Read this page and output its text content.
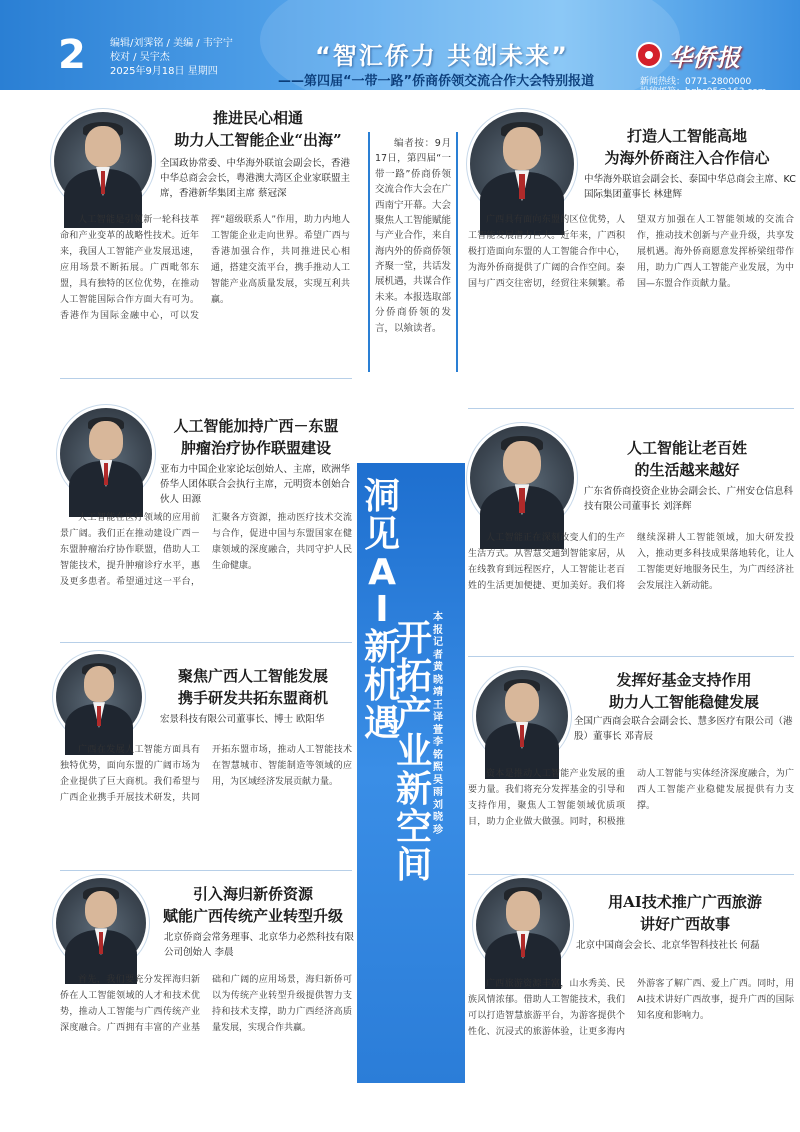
2 编辑/刘霁铭 / 美编 / 韦宇宁
校对 / 吴宇杰
2025年9月18日 星期四
“智汇侨力 共创未来”
——第四届“一带一路”侨商侨领交流合作大会特别报道
华侨报
新闻热线：0771-2800000
投稿邮箱：hqbs95@163.com

编者按：9月17日，第四届“一带一路”侨商侨领交流合作大会在广西南宁开幕。大会聚焦人工智能赋能与产业合作，来自海内外的侨商侨领齐聚一堂，共话发展机遇，共谋合作未来。本报选取部分侨商侨领的发言，以飨读者。

推进民心相通
助力人工智能企业“出海”
全国政协常委、中华海外联谊会副会长，香港中华总商会会长，粤港澳大湾区企业家联盟主席，香港新华集团主席 蔡冠深
人工智能是引领新一轮科技革命和产业变革的战略性技术。近年来，我国人工智能产业发展迅速，应用场景不断拓展。广西毗邻东盟，具有独特的区位优势，在推动人工智能国际合作方面大有可为。香港作为国际金融中心，可以发挥“超级联系人”作用，助力内地人工智能企业走向世界。希望广西与香港加强合作，共同推进民心相通，搭建交流平台，携手推动人工智能产业高质量发展，实现互利共赢。
打造人工智能高地
为海外侨商注入合作信心
中华海外联谊会副会长、泰国中华总商会主席、KC国际集团董事长 林建辉
广西具有面向东盟的区位优势，人工智能发展潜力巨大。近年来，广西积极打造面向东盟的人工智能合作中心，为海外侨商提供了广阔的合作空间。泰国与广西交往密切，经贸往来频繁。希望双方加强在人工智能领域的交流合作，推动技术创新与产业升级，共享发展机遇。海外侨商愿意发挥桥梁纽带作用，助力广西人工智能产业发展，为中国—东盟合作贡献力量。
人工智能加持广西－东盟
肿瘤治疗协作联盟建设
亚布力中国企业家论坛创始人、主席，欧洲华侨华人团体联合会执行主席，元明资本创始合伙人 田源
人工智能在医疗领域的应用前景广阔。我们正在推动建设广西－东盟肿瘤治疗协作联盟，借助人工智能技术，提升肿瘤诊疗水平，惠及更多患者。希望通过这一平台，汇聚各方资源，推动医疗技术交流与合作，促进中国与东盟国家在健康领域的深度融合，共同守护人民生命健康。
人工智能让老百姓
的生活越来越好
广东省侨商投资企业协会副会长、广州安仓信息科技有限公司董事长 刘泽辉
人工智能正在深刻改变人们的生产生活方式。从智慧交通到智能家居，从在线教育到远程医疗，人工智能让老百姓的生活更加便捷、更加美好。我们将继续深耕人工智能领域，加大研发投入，推动更多科技成果落地转化，让人工智能更好地服务民生，为广西经济社会发展注入新动能。
聚焦广西人工智能发展
携手研发共拓东盟商机
宏景科技有限公司董事长、博士 欧阳华
广西在发展人工智能方面具有独特优势，面向东盟的广阔市场为企业提供了巨大商机。我们希望与广西企业携手开展技术研发，共同开拓东盟市场，推动人工智能技术在智慧城市、智能制造等领域的应用，为区域经济发展贡献力量。
发挥好基金支持作用
助力人工智能稳健发展
全国广西商会联合会副会长、慧多医疗有限公司（港股）董事长 邓青辰
资本是推动人工智能产业发展的重要力量。我们将充分发挥基金的引导和支持作用，聚焦人工智能领域优质项目，助力企业做大做强。同时，积极推动人工智能与实体经济深度融合，为广西人工智能产业稳健发展提供有力支撑。
引入海归新侨资源
赋能广西传统产业转型升级
北京侨商会常务理事、北京华力必然科技有限公司创始人 李晨
首先，我们要充分发挥海归新侨在人工智能领域的人才和技术优势，推动人工智能与广西传统产业深度融合。广西拥有丰富的产业基础和广阔的应用场景，海归新侨可以为传统产业转型升级提供智力支持和技术支撑，助力广西经济高质量发展，实现合作共赢。
用AI技术推广广西旅游
讲好广西故事
北京中国商会会长、北京华智科技社长 何磊
广西旅游资源丰富，山水秀美、民族风情浓郁。借助人工智能技术，我们可以打造智慧旅游平台，为游客提供个性化、沉浸式的旅游体验，让更多海内外游客了解广西、爱上广西。同时，用AI技术讲好广西故事，提升广西的国际知名度和影响力。
洞见AI新机遇
开拓产业新空间
本报记者 黄晓靖 王译萱 李铭熙 吴雨 刘晓珍
